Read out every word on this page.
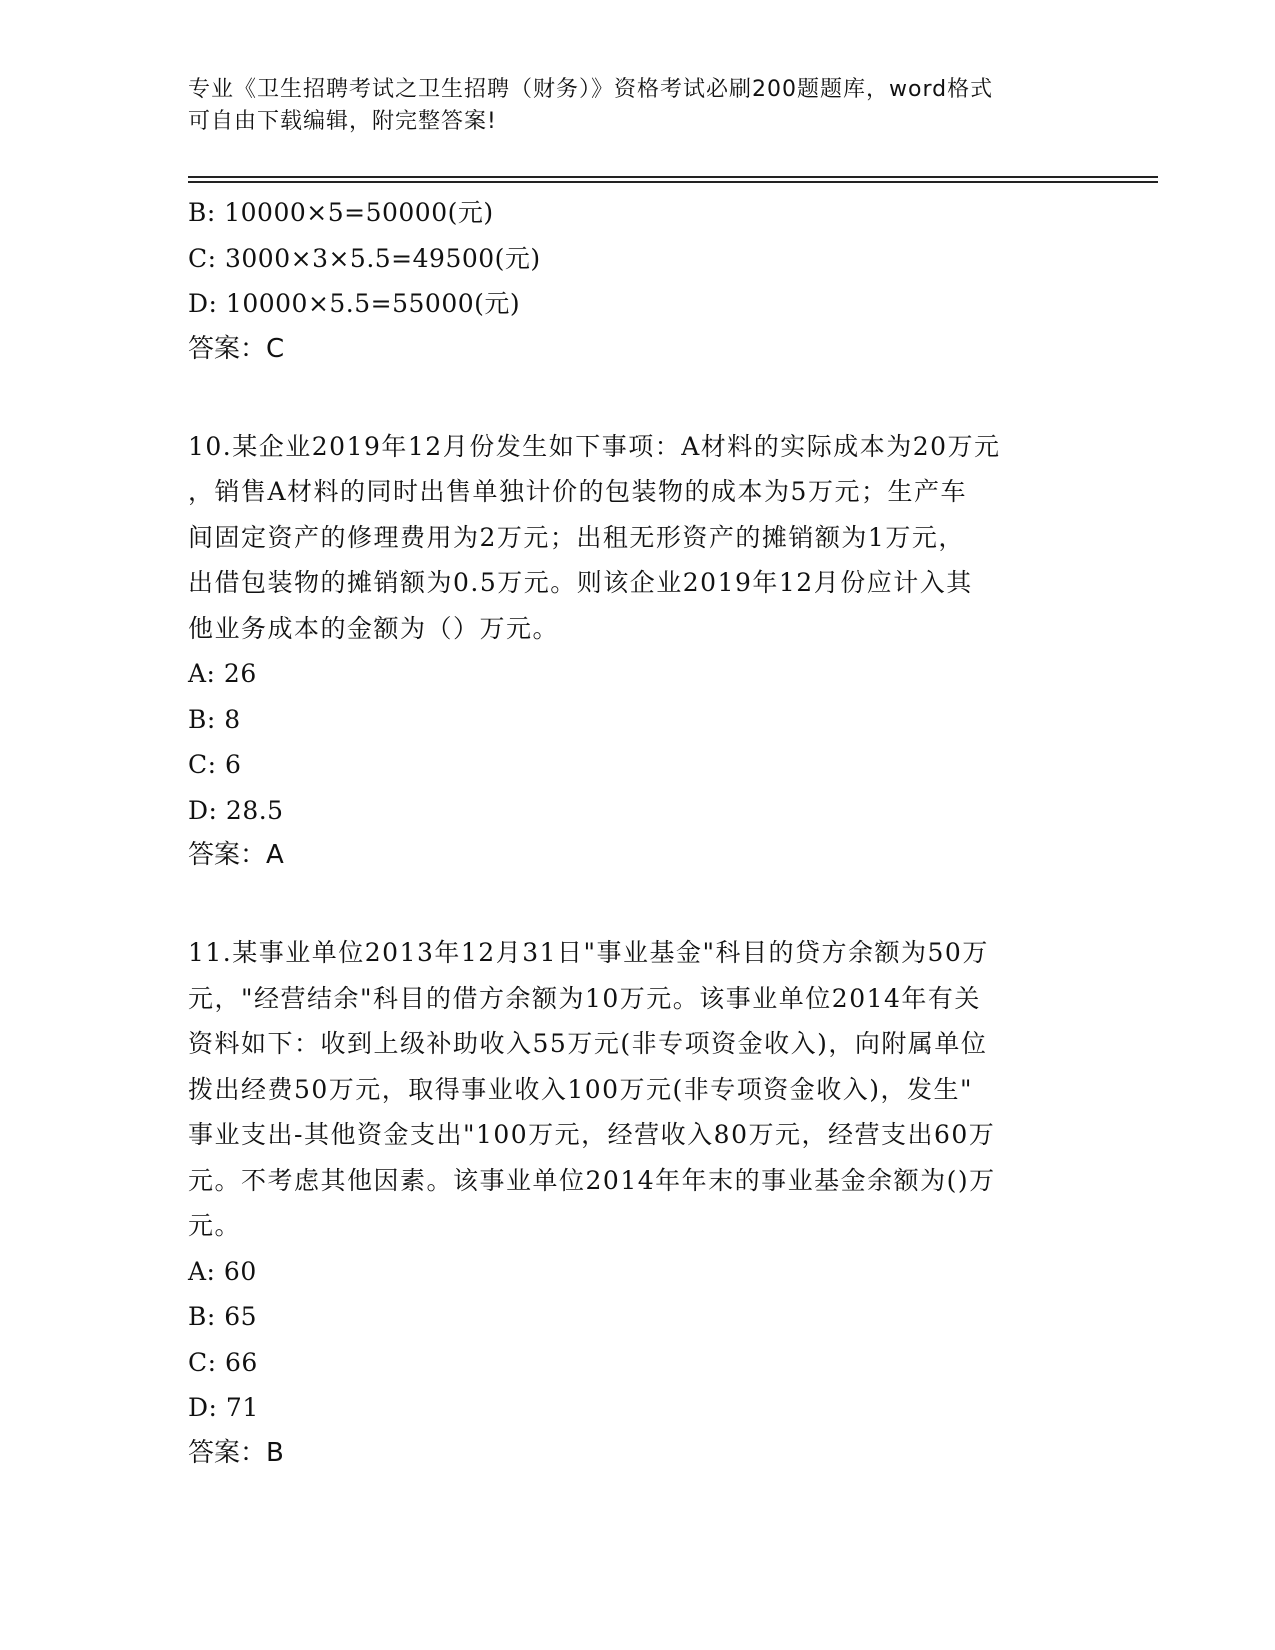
专业《卫生招聘考试之卫生招聘（财务）》资格考试必刷200题题库，word格式
可自由下载编辑，附完整答案!
B: 10000×5=50000(元)
C: 3000×3×5.5=49500(元)
D: 10000×5.5=55000(元)
答案：C
10.某企业2019年12月份发生如下事项：A材料的实际成本为20万元
，销售A材料的同时出售单独计价的包装物的成本为5万元；生产车
间固定资产的修理费用为2万元；出租无形资产的摊销额为1万元，
出借包装物的摊销额为0.5万元。则该企业2019年12月份应计入其
他业务成本的金额为（）万元。
A: 26
B: 8
C: 6
D: 28.5
答案：A
11.某事业单位2013年12月31日"事业基金"科目的贷方余额为50万
元，"经营结余"科目的借方余额为10万元。该事业单位2014年有关
资料如下：收到上级补助收入55万元(非专项资金收入)，向附属单位
拨出经费50万元，取得事业收入100万元(非专项资金收入)，发生"
事业支出-其他资金支出"100万元，经营收入80万元，经营支出60万
元。不考虑其他因素。该事业单位2014年年末的事业基金余额为()万
元。
A: 60
B: 65
C: 66
D: 71
答案：B
